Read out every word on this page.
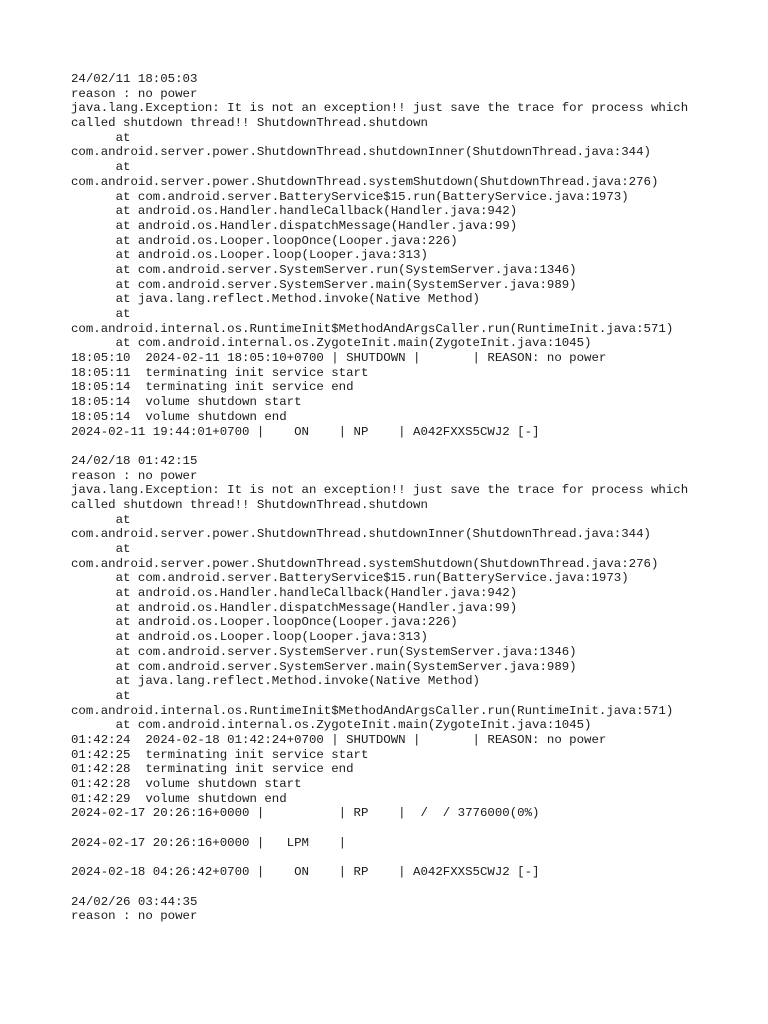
24/02/11 18:05:03
reason : no power
java.lang.Exception: It is not an exception!! just save the trace for process which
called shutdown thread!! ShutdownThread.shutdown
at
com.android.server.power.ShutdownThread.shutdownInner(ShutdownThread.java:344)
at
com.android.server.power.ShutdownThread.systemShutdown(ShutdownThread.java:276)
at com.android.server.BatteryService$15.run(BatteryService.java:1973)
at android.os.Handler.handleCallback(Handler.java:942)
at android.os.Handler.dispatchMessage(Handler.java:99)
at android.os.Looper.loopOnce(Looper.java:226)
at android.os.Looper.loop(Looper.java:313)
at com.android.server.SystemServer.run(SystemServer.java:1346)
at com.android.server.SystemServer.main(SystemServer.java:989)
at java.lang.reflect.Method.invoke(Native Method)
at
com.android.internal.os.RuntimeInit$MethodAndArgsCaller.run(RuntimeInit.java:571)
at com.android.internal.os.ZygoteInit.main(ZygoteInit.java:1045)
18:05:10  2024-02-11 18:05:10+0700 | SHUTDOWN |       | REASON: no power
18:05:11  terminating init service start
18:05:14  terminating init service end
18:05:14  volume shutdown start
18:05:14  volume shutdown end
2024-02-11 19:44:01+0700 |    ON    | NP    | A042FXXS5CWJ2 [-]
24/02/18 01:42:15
reason : no power
java.lang.Exception: It is not an exception!! just save the trace for process which
called shutdown thread!! ShutdownThread.shutdown
at
com.android.server.power.ShutdownThread.shutdownInner(ShutdownThread.java:344)
at
com.android.server.power.ShutdownThread.systemShutdown(ShutdownThread.java:276)
at com.android.server.BatteryService$15.run(BatteryService.java:1973)
at android.os.Handler.handleCallback(Handler.java:942)
at android.os.Handler.dispatchMessage(Handler.java:99)
at android.os.Looper.loopOnce(Looper.java:226)
at android.os.Looper.loop(Looper.java:313)
at com.android.server.SystemServer.run(SystemServer.java:1346)
at com.android.server.SystemServer.main(SystemServer.java:989)
at java.lang.reflect.Method.invoke(Native Method)
at
com.android.internal.os.RuntimeInit$MethodAndArgsCaller.run(RuntimeInit.java:571)
at com.android.internal.os.ZygoteInit.main(ZygoteInit.java:1045)
01:42:24  2024-02-18 01:42:24+0700 | SHUTDOWN |       | REASON: no power
01:42:25  terminating init service start
01:42:28  terminating init service end
01:42:28  volume shutdown start
01:42:29  volume shutdown end
2024-02-17 20:26:16+0000 |          | RP    |  /  / 3776000(0%)
2024-02-17 20:26:16+0000 |   LPM    |
2024-02-18 04:26:42+0700 |    ON    | RP    | A042FXXS5CWJ2 [-]
24/02/26 03:44:35
reason : no power
